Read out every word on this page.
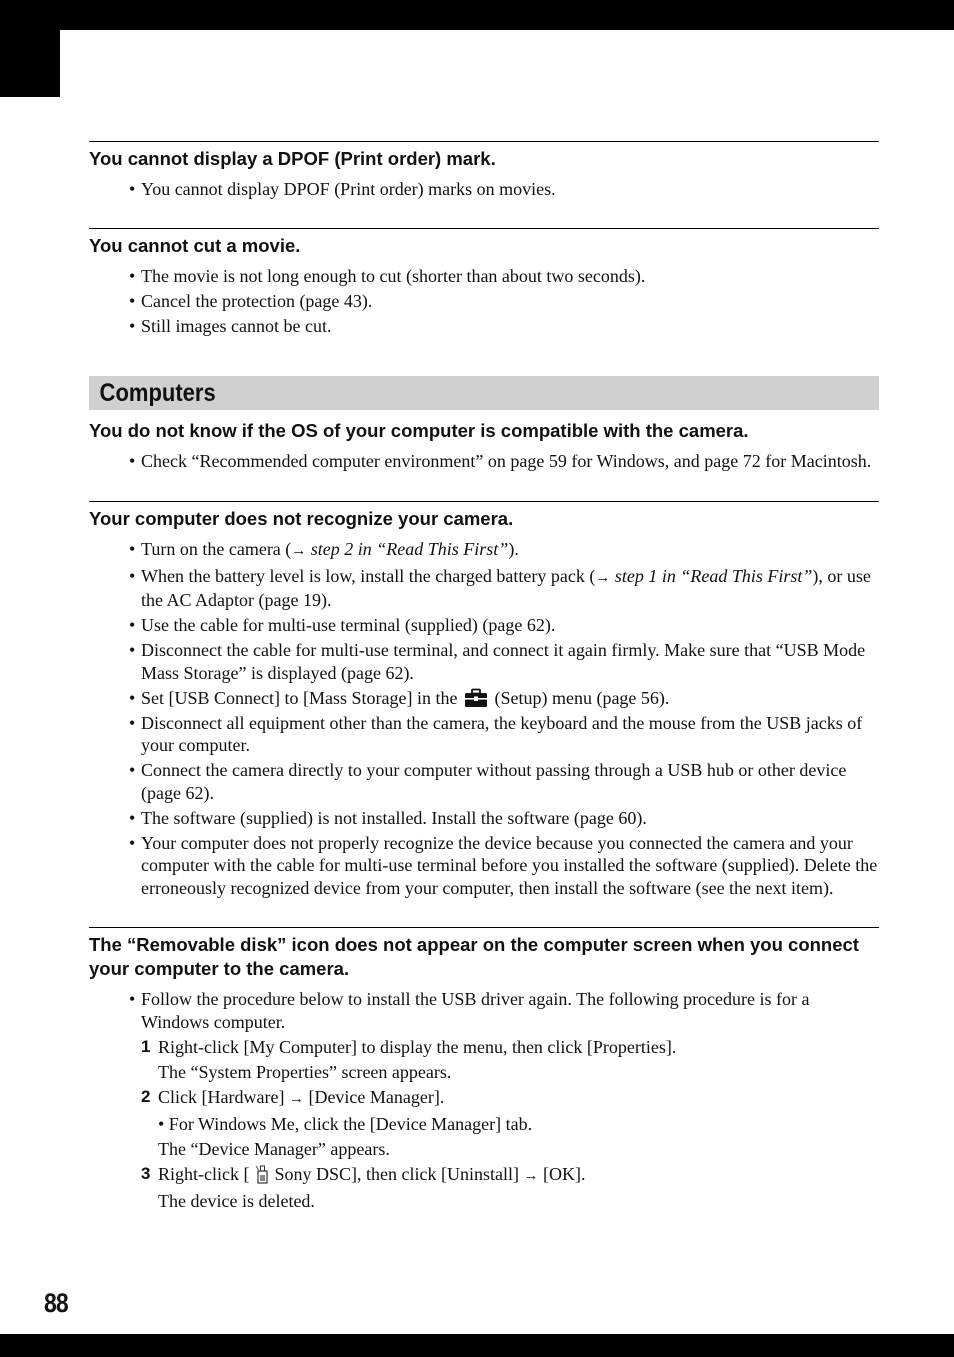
You cannot display a DPOF (Print order) mark.
• You cannot display DPOF (Print order) marks on movies.
You cannot cut a movie.
• The movie is not long enough to cut (shorter than about two seconds).
• Cancel the protection (page 43).
• Still images cannot be cut.
Computers
You do not know if the OS of your computer is compatible with the camera.
• Check “Recommended computer environment” on page 59 for Windows, and page 72 for Macintosh.
Your computer does not recognize your camera.
• Turn on the camera (→ step 2 in “Read This First”).
• When the battery level is low, install the charged battery pack (→ step 1 in “Read This First”), or use the AC Adaptor (page 19).
• Use the cable for multi-use terminal (supplied) (page 62).
• Disconnect the cable for multi-use terminal, and connect it again firmly. Make sure that “USB Mode Mass Storage” is displayed (page 62).
• Set [USB Connect] to [Mass Storage] in the (Setup) menu (page 56).
• Disconnect all equipment other than the camera, the keyboard and the mouse from the USB jacks of your computer.
• Connect the camera directly to your computer without passing through a USB hub or other device (page 62).
• The software (supplied) is not installed. Install the software (page 60).
• Your computer does not properly recognize the device because you connected the camera and your computer with the cable for multi-use terminal before you installed the software (supplied). Delete the erroneously recognized device from your computer, then install the software (see the next item).
The “Removable disk” icon does not appear on the computer screen when you connect your computer to the camera.
• Follow the procedure below to install the USB driver again. The following procedure is for a Windows computer.
1 Right-click [My Computer] to display the menu, then click [Properties].
The “System Properties” screen appears.
2 Click [Hardware] → [Device Manager].
• For Windows Me, click the [Device Manager] tab.
The “Device Manager” appears.
3 Right-click [ Sony DSC], then click [Uninstall] → [OK].
The device is deleted.
88
